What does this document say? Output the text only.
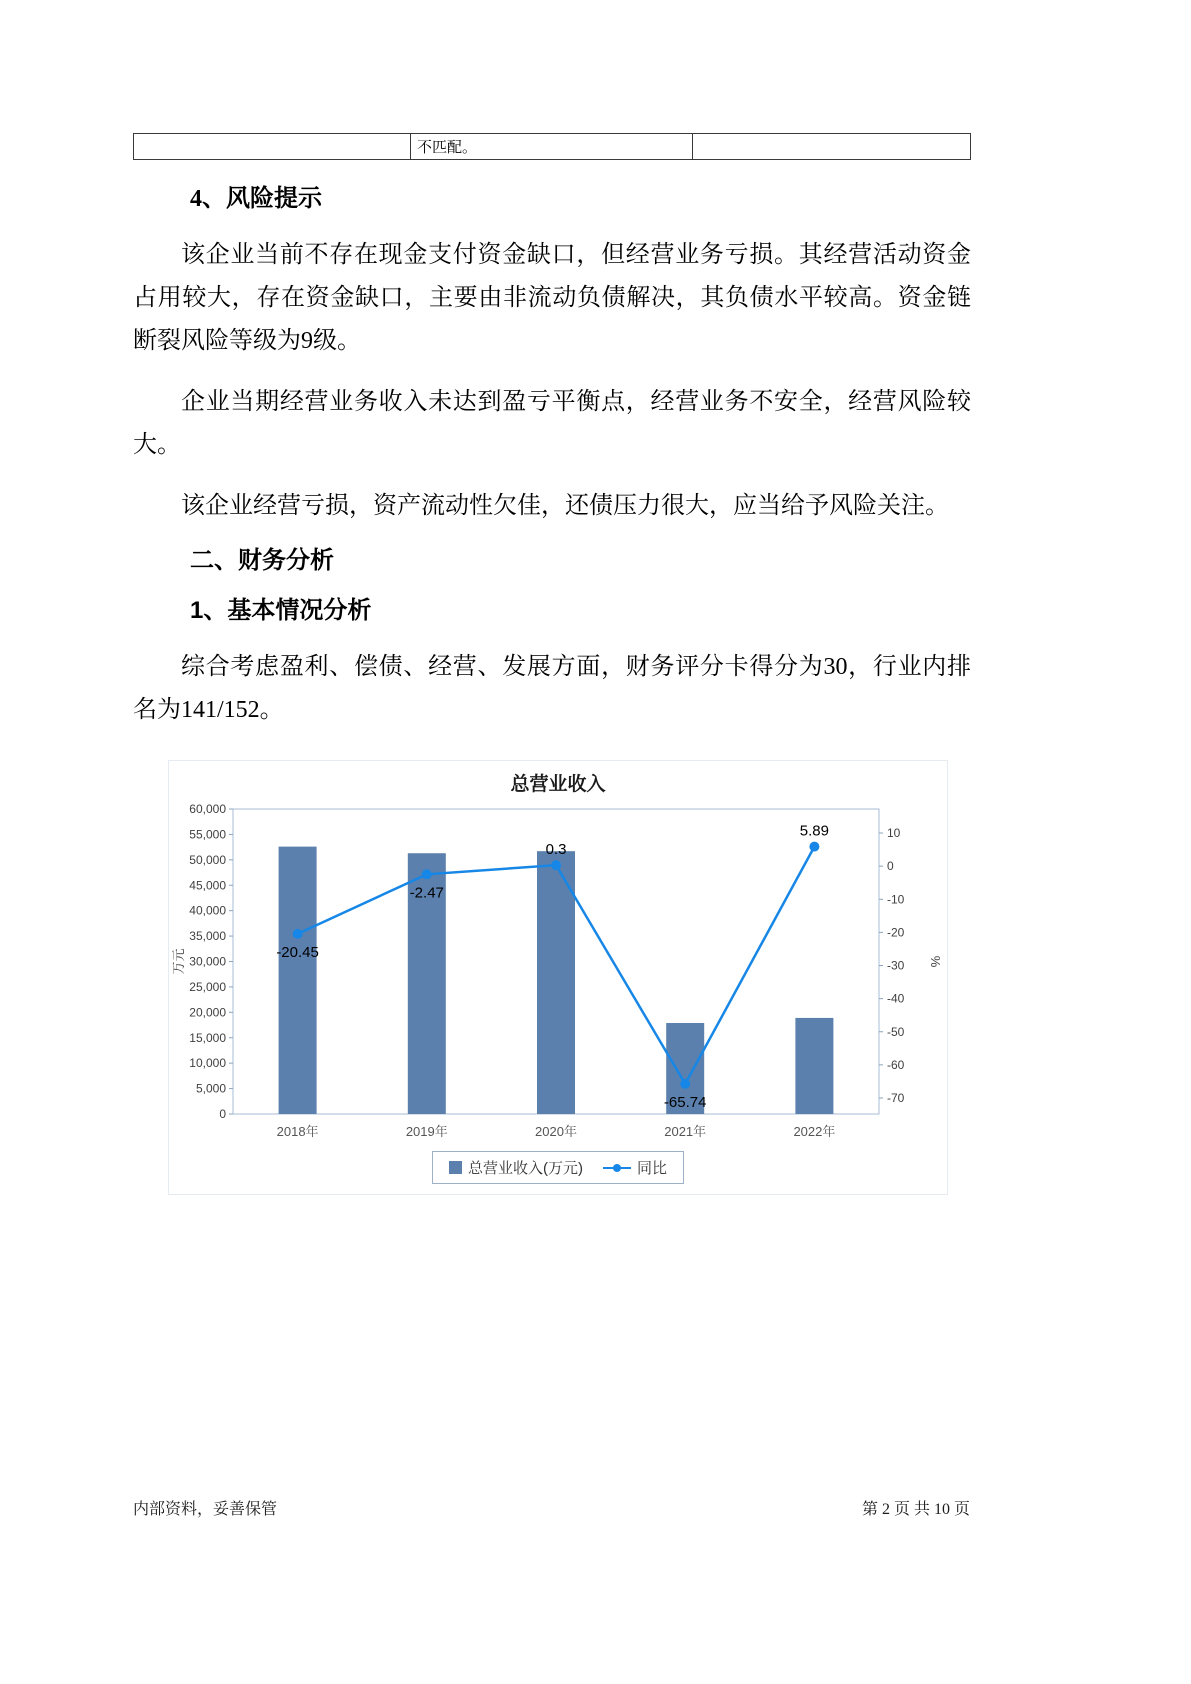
	不匹配。	
4、风险提示

该企业当前不存在现金支付资金缺口，但经营业务亏损。其经营活动资金占用较大，存在资金缺口，主要由非流动负债解决，其负债水平较高。资金链断裂风险等级为9级。

企业当期经营业务收入未达到盈亏平衡点，经营业务不安全，经营风险较大。

该企业经营亏损，资产流动性欠佳，还债压力很大，应当给予风险关注。

二、财务分析
1、基本情况分析

综合考虑盈利、偿债、经营、发展方面，财务评分卡得分为30，行业内排名为141/152。

总营业收入
0
5,000
10,000
15,000
20,000
25,000
30,000
35,000
40,000
45,000
50,000
55,000
60,000
10
0
-10
-20
-30
-40
-50
-60
-70
2018年	2019年	2020年	2021年	2022年
-20.45
-2.47
0.3
-65.74
5.89
万元	%
总营业收入(万元)	同比
内部资料，妥善保管	第 2 页 共 10 页
